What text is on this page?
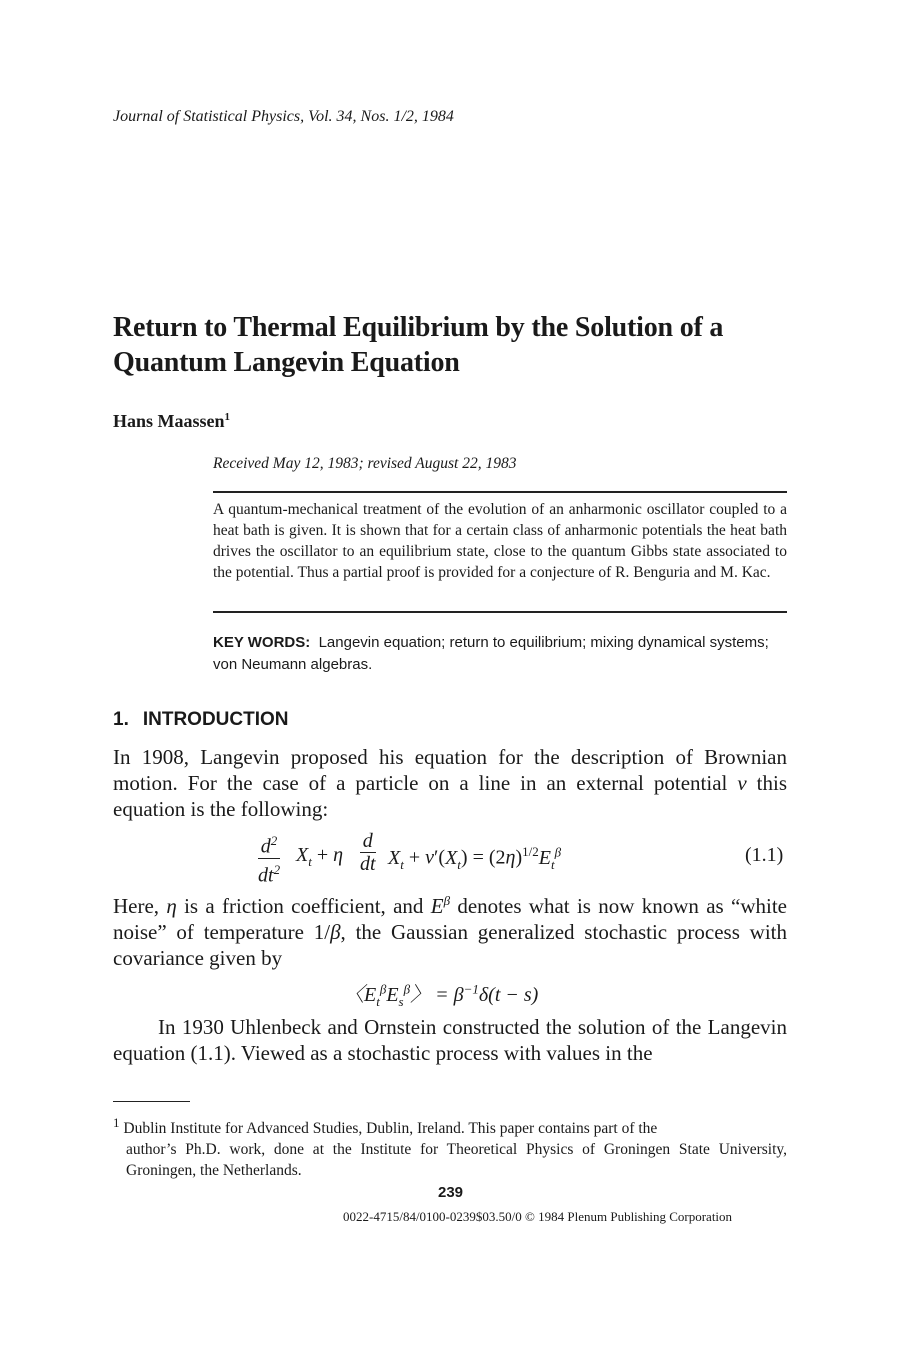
Journal of Statistical Physics, Vol. 34, Nos. 1/2, 1984
Return to Thermal Equilibrium by the Solution of a
Quantum Langevin Equation
Hans Maassen$^1$
Received May 12, 1983; revised August 22, 1983
A quantum-mechanical treatment of the evolution of an anharmonic oscillator coupled to a heat bath is given. It is shown that for a certain class of anharmonic potentials the heat bath drives the oscillator to an equilibrium state, close to the quantum Gibbs state associated to the potential. Thus a partial proof is provided for a conjecture of R. Benguria and M. Kac.
KEY WORDS: Langevin equation; return to equilibrium; mixing dynamical systems; von Neumann algebras.
1. INTRODUCTION
In 1908, Langevin proposed his equation for the description of Brownian motion. For the case of a particle on a line in an external potential v this equation is the following:
$\frac{d^2}{dt^2} X_t + \eta \frac{d}{dt} X_t + v'(X_t) = (2\eta)^{1/2}E_t^\beta$	(1.1)
Here, η is a friction coefficient, and $E^\beta$ denotes what is now known as “white noise” of temperature 1/β, the Gaussian generalized stochastic process with covariance given by
〈$E_t^\beta E_s^\beta$〉 = $\beta^{-1}\delta(t - s)$
In 1930 Uhlenbeck and Ornstein constructed the solution of the Langevin equation (1.1). Viewed as a stochastic process with values in the
$^1$ Dublin Institute for Advanced Studies, Dublin, Ireland. This paper contains part of the
author’s Ph.D. work, done at the Institute for Theoretical Physics of Groningen State University, Groningen, the Netherlands.
239
0022-4715/84/0100-0239$03.50/0 © 1984 Plenum Publishing Corporation
